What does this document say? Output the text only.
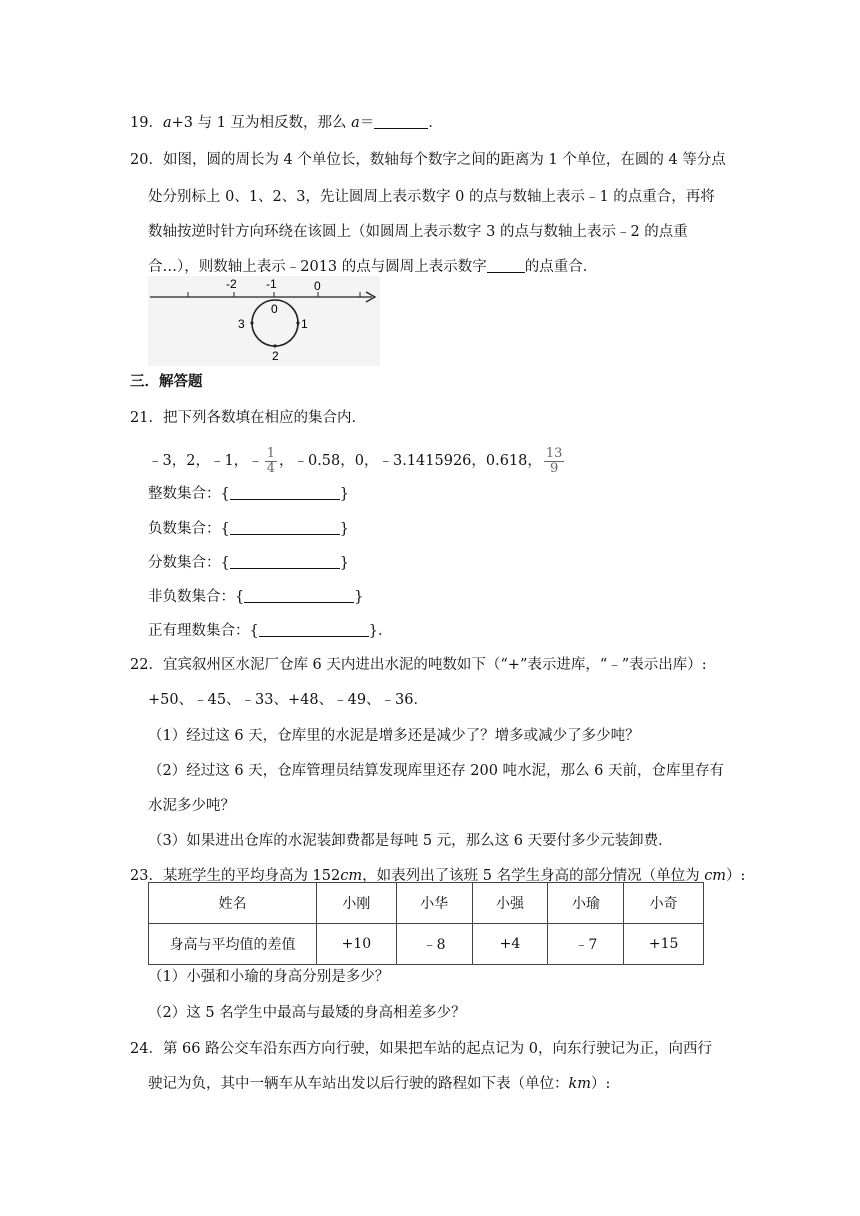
19．a+3 与 1 互为相反数，那么 a＝	．
20．如图，圆的周长为 4 个单位长，数轴每个数字之间的距离为 1 个单位，在圆的 4 等分点
处分别标上 0、1、2、3，先让圆周上表示数字 0 的点与数轴上表示﹣1 的点重合，再将
数轴按逆时针方向环绕在该圆上（如圆周上表示数字 3 的点与数轴上表示﹣2 的点重
合…），则数轴上表示﹣2013 的点与圆周上表示数字	的点重合．
-2 -1	0
0
1
2
3
三．解答题
21．把下列各数填在相应的集合内．
﹣3，2，﹣1，﹣ $\frac{1}{4}$ ，﹣0.58，0，﹣3.1415926，0.618， $\frac{13}{9}$
整数集合：{	}
负数集合：{	}
分数集合：{	}
非负数集合：{	}
正有理数集合：{	}．
22．宜宾叙州区水泥厂仓库 6 天内进出水泥的吨数如下（“+”表示进库，“﹣”表示出库）:
+50、﹣45、﹣33、+48、﹣49、﹣36．
（1）经过这 6 天，仓库里的水泥是增多还是减少了？增多或减少了多少吨？
（2）经过这 6 天，仓库管理员结算发现库里还存 200 吨水泥，那么 6 天前，仓库里存有
水泥多少吨？
（3）如果进出仓库的水泥装卸费都是每吨 5 元，那么这 6 天要付多少元装卸费．
23．某班学生的平均身高为 152cm，如表列出了该班 5 名学生身高的部分情况（单位为 cm）:
姓名	小刚	小华	小强	小瑜	小奇
身高与平均值的差值	+10	﹣8	+4	﹣7	+15
（1）小强和小瑜的身高分别是多少？
（2）这 5 名学生中最高与最矮的身高相差多少？
24．第 66 路公交车沿东西方向行驶，如果把车站的起点记为 0，向东行驶记为正，向西行
驶记为负，其中一辆车从车站出发以后行驶的路程如下表（单位：km）:
